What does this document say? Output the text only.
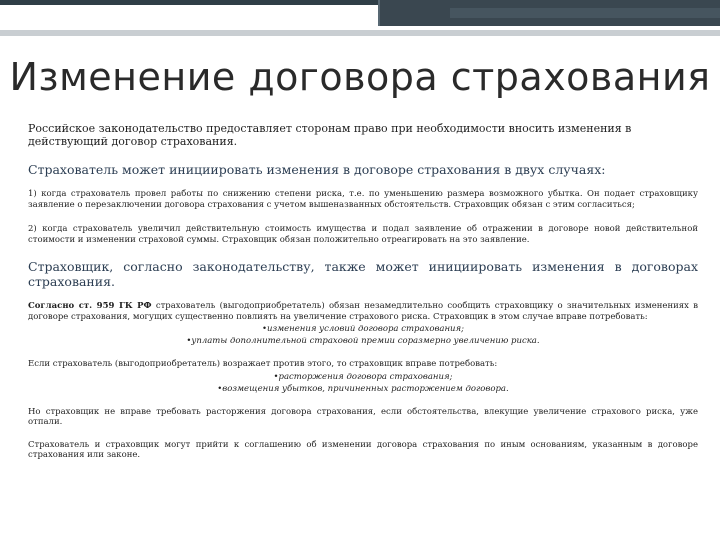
Изменение договора страхования

Российское законодательство предоставляет сторонам право при необходимости вносить изменения в действующий договор страхования.

Страхователь может инициировать изменения в договоре страхования в двух случаях:

1) когда страхователь провел работы по снижению степени риска, т.е. по уменьшению размера возможного убытка. Он подает страховщику заявление о перезаключении договора страхования с учетом вышеназванных обстоятельств. Страховщик обязан с этим согласиться;

2) когда страхователь увеличил действительную стоимость имущества и подал заявление об отражении в договоре новой действительной стоимости и изменении страховой суммы. Страховщик обязан положительно отреагировать на это заявление.

Страховщик, согласно законодательству, также может инициировать изменения в договорах страхования.

Согласно ст. 959 ГК РФ страхователь (выгодоприобретатель) обязан незамедлительно сообщить страховщику о значительных изменениях в договоре страхования, могущих существенно повлиять на увеличение страхового риска. Страховщик в этом случае вправе потребовать:

•изменения условий договора страхования;

•уплаты дополнительной страховой премии соразмерно увеличению риска.

Если страхователь (выгодоприобретатель) возражает против этого, то страховщик вправе потребовать:

•расторжения договора страхования;

•возмещения убытков, причиненных расторжением договора.

Но страховщик не вправе требовать расторжения договора страхования, если обстоятельства, влекущие увеличение страхового риска, уже отпали.

Страхователь и страховщик могут прийти к соглашению об изменении договора страхования по иным основаниям, указанным в договоре страхования или законе.
